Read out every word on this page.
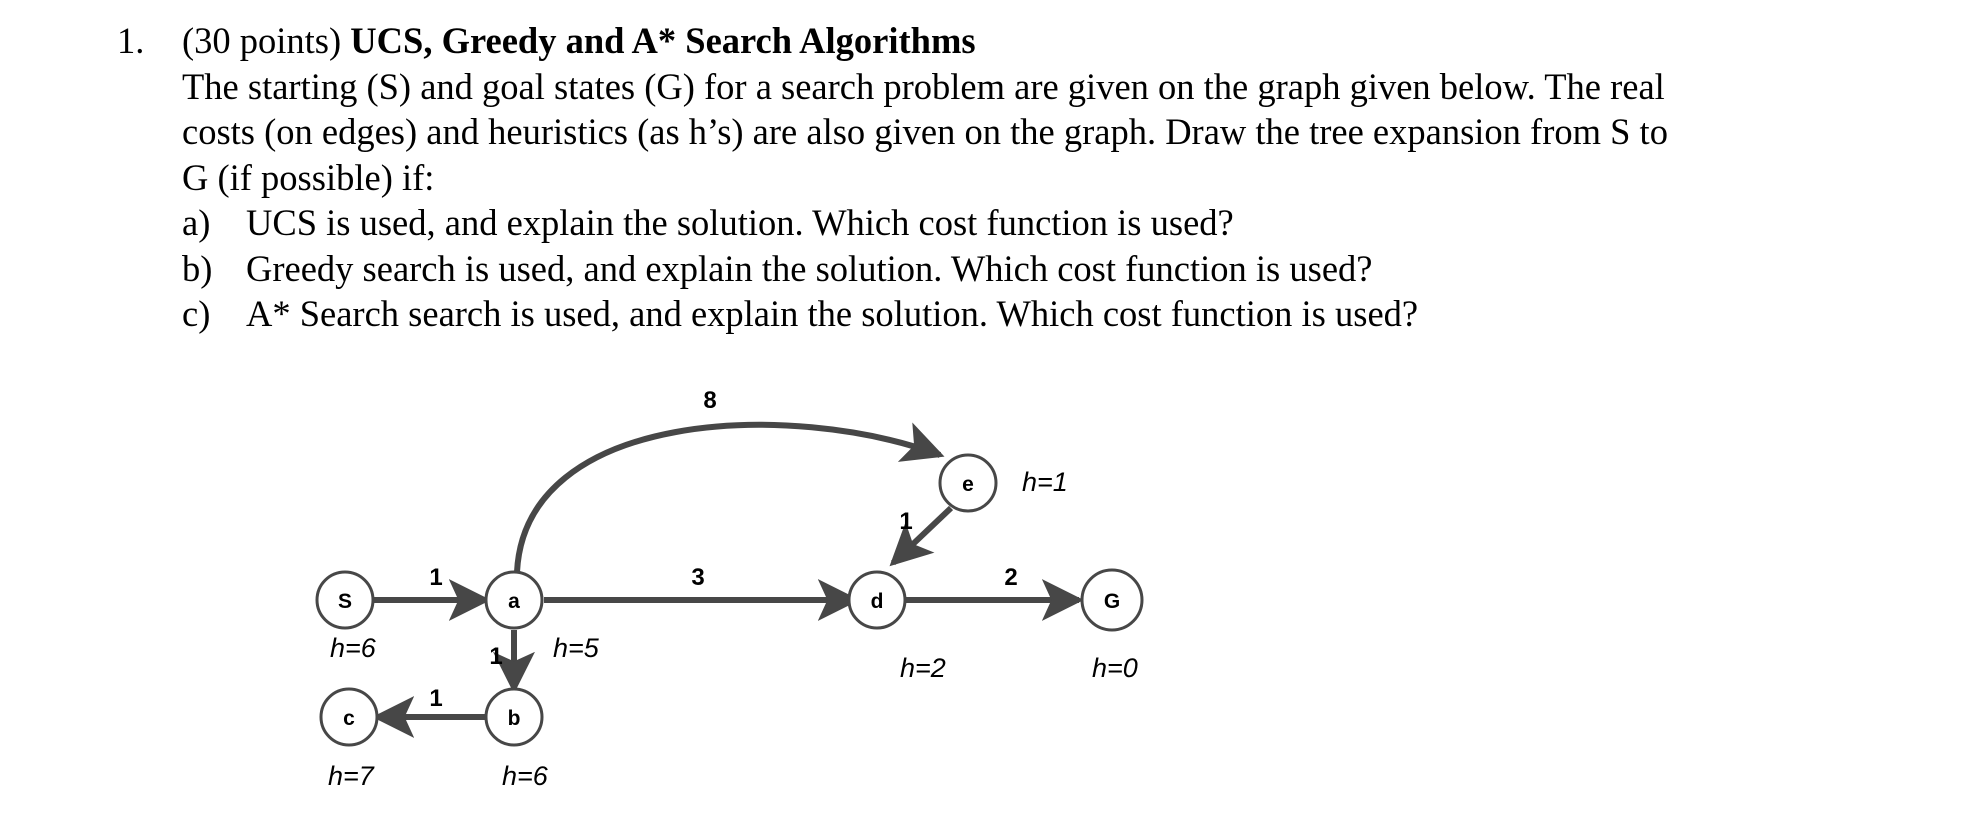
1. (30 points) UCS, Greedy and A* Search Algorithms
The starting (S) and goal states (G) for a search problem are given on the graph given below. The real
costs (on edges) and heuristics (as h’s) are also given on the graph. Draw the tree expansion from S to
G (if possible) if:
a) UCS is used, and explain the solution. Which cost function is used?
b) Greedy search is used, and explain the solution. Which cost function is used?
c) A* Search search is used, and explain the solution. Which cost function is used?
1
1
1
3
8
1
2
S	a
b
c
d
e
G
h=6	h=5
h=6
h=7
h=2
h=1
h=0
